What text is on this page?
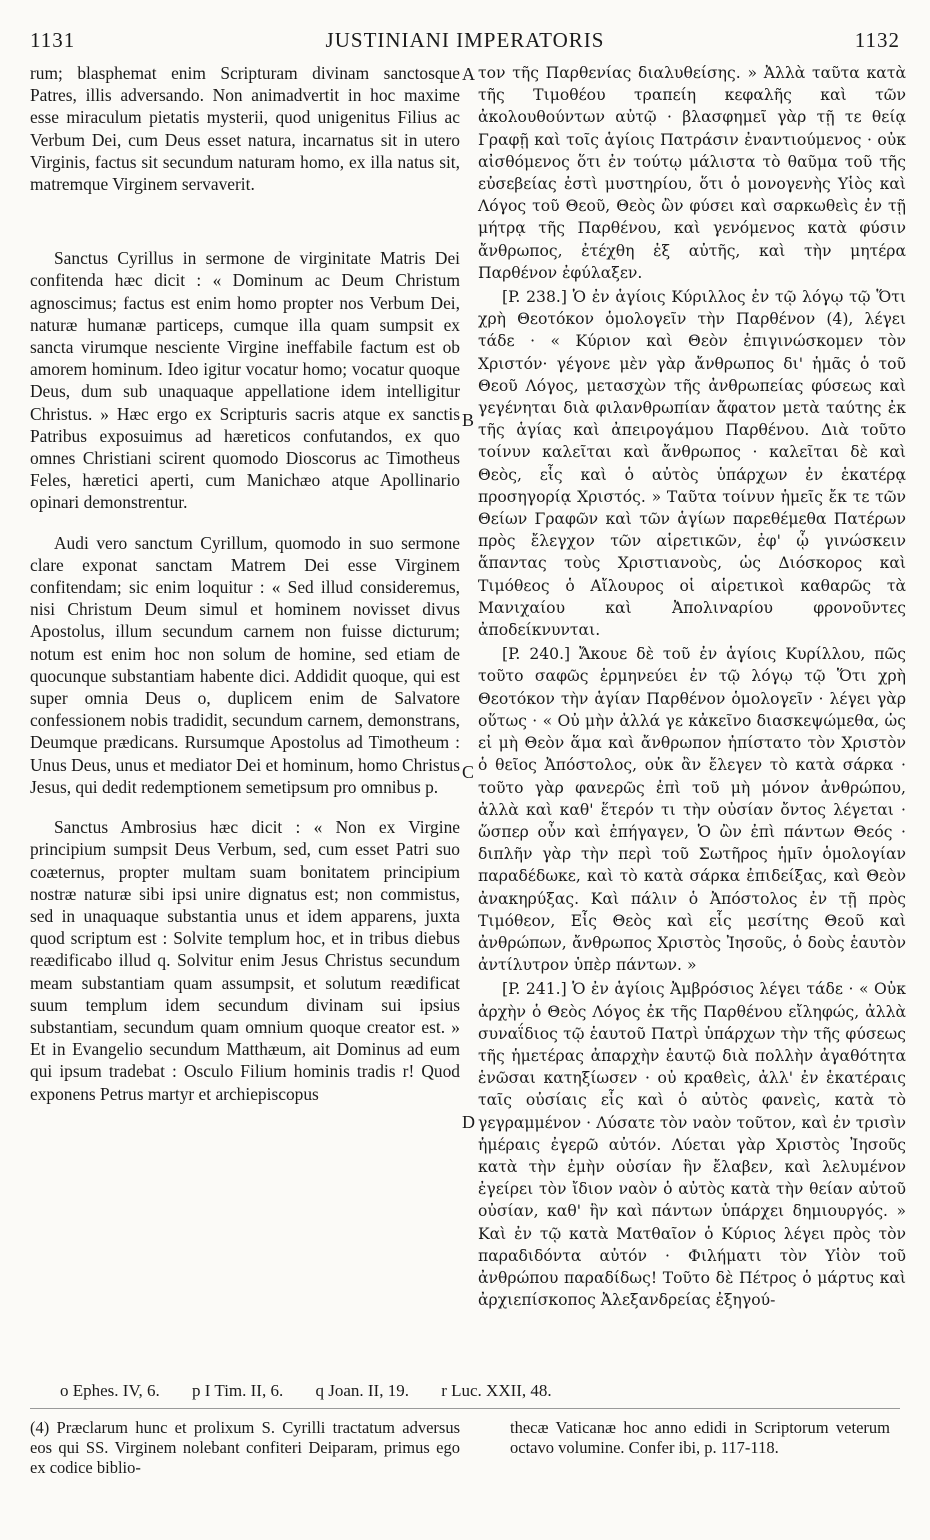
1131	JUSTINIANI IMPERATORIS	1132

rum; blasphemat enim Scripturam divinam sanctosque Patres, illis adversando. Non animadvertit in hoc maxime esse miraculum pietatis mysterii, quod unigenitus Filius ac Verbum Dei, cum Deus esset natura, incarnatus sit in utero Virginis, factus sit secundum naturam homo, ex illa natus sit, matremque Virginem servaverit.

Sanctus Cyrillus in sermone de virginitate Matris Dei confitenda hæc dicit : « Dominum ac Deum Christum agnoscimus; factus est enim homo propter nos Verbum Dei, naturæ humanæ particeps, cumque illa quam sumpsit ex sancta virumque nesciente Virgine ineffabile factum est ob amorem hominum. Ideo igitur vocatur homo; vocatur quoque Deus, dum sub unaquaque appellatione idem intelligitur Christus. » Hæc ergo ex Scripturis sacris atque ex sanctis Patribus exposuimus ad hæreticos confutandos, ex quo omnes Christiani scirent quomodo Dioscorus ac Timotheus Feles, hæretici aperti, cum Manichæo atque Apollinario opinari demonstrentur.

Audi vero sanctum Cyrillum, quomodo in suo sermone clare exponat sanctam Matrem Dei esse Virginem confitendam; sic enim loquitur : « Sed illud consideremus, nisi Christum Deum simul et hominem novisset divus Apostolus, illum secundum carnem non fuisse dicturum; notum est enim hoc non solum de homine, sed etiam de quocunque substantiam habente dici. Addidit quoque, qui est super omnia Deus o, duplicem enim de Salvatore confessionem nobis tradidit, secundum carnem, demonstrans, Deumque prædicans. Rursumque Apostolus ad Timotheum : Unus Deus, unus et mediator Dei et hominum, homo Christus Jesus, qui dedit redemptionem semetipsum pro omnibus p.

Sanctus Ambrosius hæc dicit : « Non ex Virgine principium sumpsit Deus Verbum, sed, cum esset Patri suo coæternus, propter multam suam bonitatem principium nostræ naturæ sibi ipsi unire dignatus est; non commistus, sed in unaquaque substantia unus et idem apparens, juxta quod scriptum est : Solvite templum hoc, et in tribus diebus reædificabo illud q. Solvitur enim Jesus Christus secundum meam substantiam quam assumpsit, et solutum reædificat suum templum idem secundum divinam sui ipsius substantiam, secundum quam omnium quoque creator est. » Et in Evangelio secundum Matthæum, ait Dominus ad eum qui ipsum tradebat : Osculo Filium hominis tradis r! Quod exponens Petrus martyr et archiepiscopus

A
B
C
D

τον τῆς Παρθενίας διαλυθείσης. » Ἀλλὰ ταῦτα κατὰ τῆς Τιμοθέου τραπείη κεφαλῆς καὶ τῶν ἀκολουθούντων αὐτῷ · βλασφημεῖ γὰρ τῇ τε θείᾳ Γραφῇ καὶ τοῖς ἁγίοις Πατράσιν ἐναντιούμενος · οὐκ αἰσθόμενος ὅτι ἐν τούτῳ μάλιστα τὸ θαῦμα τοῦ τῆς εὐσεβείας ἐστὶ μυστηρίου, ὅτι ὁ μονογενὴς Υἱὸς καὶ Λόγος τοῦ Θεοῦ, Θεὸς ὢν φύσει καὶ σαρκωθεὶς ἐν τῇ μήτρᾳ τῆς Παρθένου, καὶ γενόμενος κατὰ φύσιν ἄνθρωπος, ἐτέχθη ἐξ αὐτῆς, καὶ τὴν μητέρα Παρθένον ἐφύλαξεν.

[P. 238.] Ὁ ἐν ἁγίοις Κύριλλος ἐν τῷ λόγῳ τῷ Ὅτι χρὴ Θεοτόκον ὁμολογεῖν τὴν Παρθένον (4), λέγει τάδε · « Κύριον καὶ Θεὸν ἐπιγινώσκομεν τὸν Χριστόν· γέγονε μὲν γὰρ ἄνθρωπος δι' ἡμᾶς ὁ τοῦ Θεοῦ Λόγος, μετασχὼν τῆς ἀνθρωπείας φύσεως καὶ γεγένηται διὰ φιλανθρωπίαν ἄφατον μετὰ ταύτης ἐκ τῆς ἁγίας καὶ ἀπειρογάμου Παρθένου. Διὰ τοῦτο τοίνυν καλεῖται καὶ ἄνθρωπος · καλεῖται δὲ καὶ Θεὸς, εἷς καὶ ὁ αὐτὸς ὑπάρχων ἐν ἑκατέρᾳ προσηγορίᾳ Χριστός. » Ταῦτα τοίνυν ἡμεῖς ἔκ τε τῶν Θείων Γραφῶν καὶ τῶν ἁγίων παρεθέμεθα Πατέρων πρὸς ἔλεγχον τῶν αἱρετικῶν, ἐφ' ᾧ γινώσκειν ἅπαντας τοὺς Χριστιανοὺς, ὡς Διόσκορος καὶ Τιμόθεος ὁ Αἴλουρος οἱ αἱρετικοὶ καθαρῶς τὰ Μανιχαίου καὶ Ἀπολιναρίου φρονοῦντες ἀποδείκνυνται.

[P. 240.] Ἄκουε δὲ τοῦ ἐν ἁγίοις Κυρίλλου, πῶς τοῦτο σαφῶς ἑρμηνεύει ἐν τῷ λόγῳ τῷ Ὅτι χρὴ Θεοτόκον τὴν ἁγίαν Παρθένον ὁμολογεῖν · λέγει γὰρ οὕτως · « Οὐ μὴν ἀλλά γε κἀκεῖνο διασκεψώμεθα, ὡς εἰ μὴ Θεὸν ἅμα καὶ ἄνθρωπον ἠπίστατο τὸν Χριστὸν ὁ θεῖος Ἀπόστολος, οὐκ ἂν ἔλεγεν τὸ κατὰ σάρκα · τοῦτο γὰρ φανερῶς ἐπὶ τοῦ μὴ μόνον ἀνθρώπου, ἀλλὰ καὶ καθ' ἕτερόν τι τὴν οὐσίαν ὄντος λέγεται · ὥσπερ οὖν καὶ ἐπήγαγεν, Ὁ ὢν ἐπὶ πάντων Θεός · διπλῆν γὰρ τὴν περὶ τοῦ Σωτῆρος ἡμῖν ὁμολογίαν παραδέδωκε, καὶ τὸ κατὰ σάρκα ἐπιδείξας, καὶ Θεὸν ἀνακηρύξας. Καὶ πάλιν ὁ Ἀπόστολος ἐν τῇ πρὸς Τιμόθεον, Εἷς Θεὸς καὶ εἷς μεσίτης Θεοῦ καὶ ἀνθρώπων, ἄνθρωπος Χριστὸς Ἰησοῦς, ὁ δοὺς ἑαυτὸν ἀντίλυτρον ὑπὲρ πάντων. »

[P. 241.] Ὁ ἐν ἁγίοις Ἀμβρόσιος λέγει τάδε · « Οὐκ ἀρχὴν ὁ Θεὸς Λόγος ἐκ τῆς Παρθένου εἴληφώς, ἀλλὰ συναΐδιος τῷ ἑαυτοῦ Πατρὶ ὑπάρχων τὴν τῆς φύσεως τῆς ἡμετέρας ἀπαρχὴν ἑαυτῷ διὰ πολλὴν ἀγαθότητα ἑνῶσαι κατηξίωσεν · οὐ κραθεὶς, ἀλλ' ἐν ἑκατέραις ταῖς οὐσίαις εἷς καὶ ὁ αὐτὸς φανεὶς, κατὰ τὸ γεγραμμένον · Λύσατε τὸν ναὸν τοῦτον, καὶ ἐν τρισὶν ἡμέραις ἐγερῶ αὐτόν. Λύεται γὰρ Χριστὸς Ἰησοῦς κατὰ τὴν ἐμὴν οὐσίαν ἣν ἔλαβεν, καὶ λελυμένον ἐγείρει τὸν ἴδιον ναὸν ὁ αὐτὸς κατὰ τὴν θείαν αὐτοῦ οὐσίαν, καθ' ἣν καὶ πάντων ὑπάρχει δημιουργός. » Καὶ ἐν τῷ κατὰ Ματθαῖον ὁ Κύριος λέγει πρὸς τὸν παραδιδόντα αὐτόν · Φιλήματι τὸν Υἱὸν τοῦ ἀνθρώπου παραδίδως! Τοῦτο δὲ Πέτρος ὁ μάρτυς καὶ ἀρχιεπίσκοπος Ἀλεξανδρείας ἐξηγού-

o Ephes. IV, 6. p I Tim. II, 6. q Joan. II, 19. r Luc. XXII, 48.

(4) Præclarum hunc et prolixum S. Cyrilli tractatum adversus eos qui SS. Virginem nolebant confiteri Deiparam, primus ego ex codice biblio-

thecæ Vaticanæ hoc anno edidi in Scriptorum veterum octavo volumine. Confer ibi, p. 117-118.
